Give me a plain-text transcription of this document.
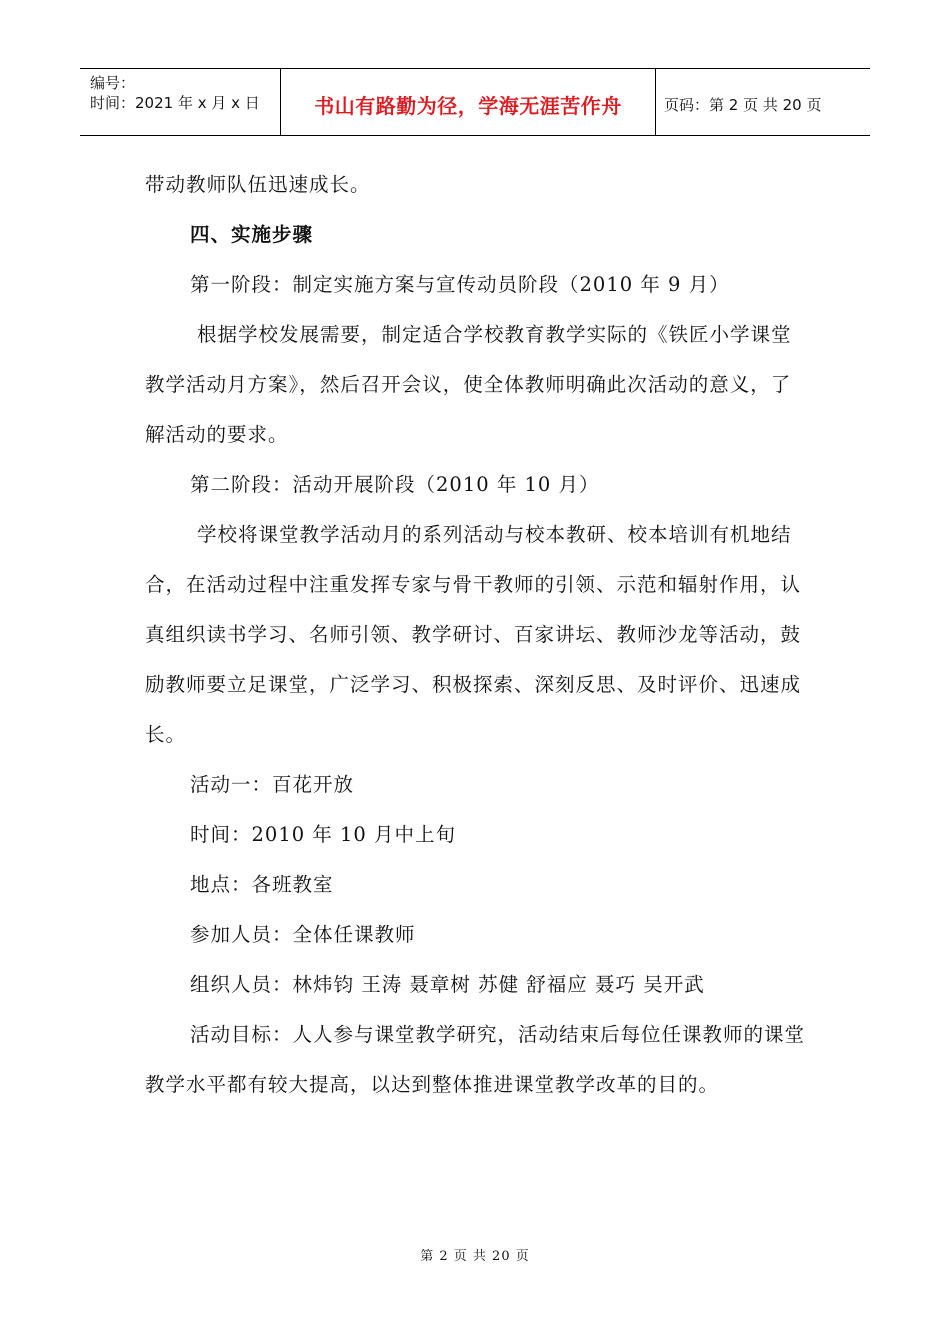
编号：
时间：2021 年 x 月 x 日	书山有路勤为径，学海无涯苦作舟	页码：第 2 页 共 20 页

带动教师队伍迅速成长。

四、实施步骤

第一阶段：制定实施方案与宣传动员阶段（2010 年 9 月）

根据学校发展需要，制定适合学校教育教学实际的《铁匠小学课堂教学活动月方案》，然后召开会议，使全体教师明确此次活动的意义，了解活动的要求。

第二阶段：活动开展阶段（2010 年 10 月）

学校将课堂教学活动月的系列活动与校本教研、校本培训有机地结合，在活动过程中注重发挥专家与骨干教师的引领、示范和辐射作用，认真组织读书学习、名师引领、教学研讨、百家讲坛、教师沙龙等活动，鼓励教师要立足课堂，广泛学习、积极探索、深刻反思、及时评价、迅速成长。

活动一：百花开放

时间：2010 年 10 月中上旬

地点：各班教室

参加人员：全体任课教师

组织人员：林炜钧 王涛 聂章树 苏健 舒福应 聂巧 吴开武

活动目标：人人参与课堂教学研究，活动结束后每位任课教师的课堂教学水平都有较大提高，以达到整体推进课堂教学改革的目的。

第 2 页 共 20 页
